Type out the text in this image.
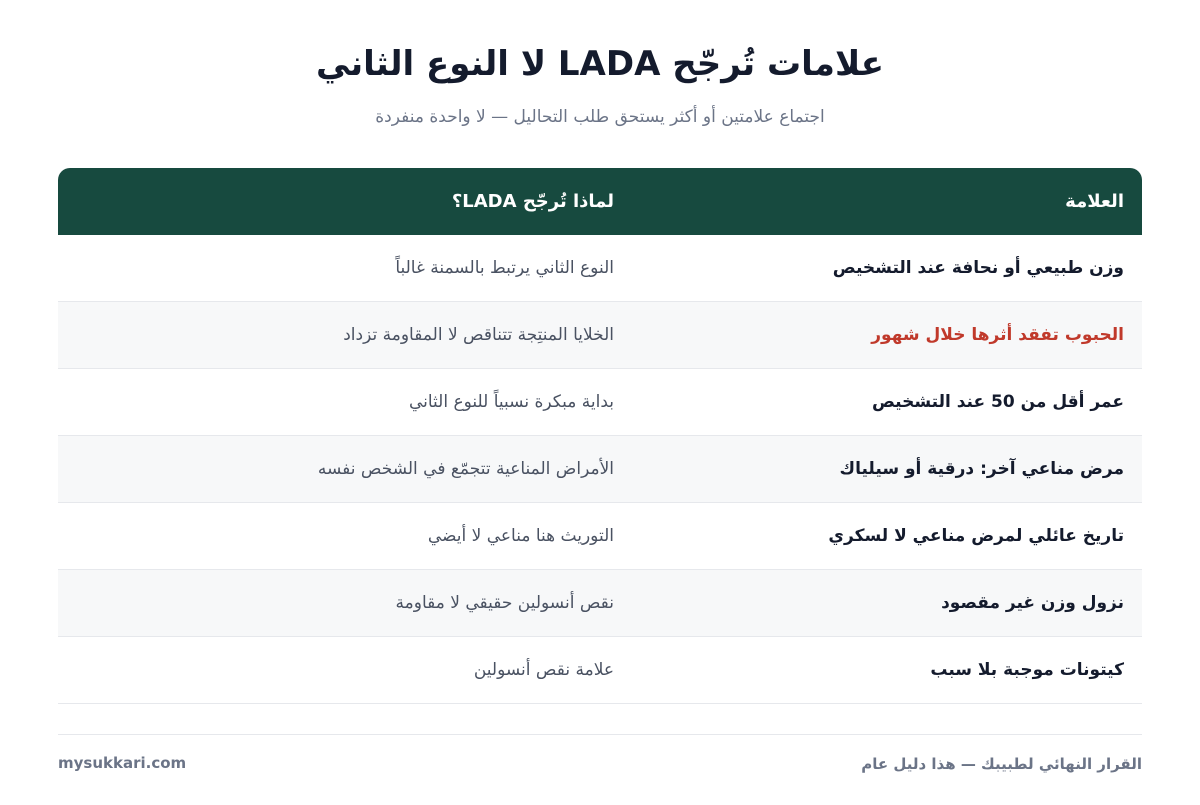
علامات تُرجّح LADA لا النوع الثاني

اجتماع علامتين أو أكثر يستحق طلب التحاليل — لا واحدة منفردة

العلامة
لماذا تُرجّح LADA؟
وزن طبيعي أو نحافة عند التشخيص
النوع الثاني يرتبط بالسمنة غالباً
الحبوب تفقد أثرها خلال شهور
الخلايا المنتِجة تتناقص لا المقاومة تزداد
عمر أقل من 50 عند التشخيص
بداية مبكرة نسبياً للنوع الثاني
مرض مناعي آخر: درقية أو سيلياك
الأمراض المناعية تتجمّع في الشخص نفسه
تاريخ عائلي لمرض مناعي لا لسكري
التوريث هنا مناعي لا أيضي
نزول وزن غير مقصود
نقص أنسولين حقيقي لا مقاومة
كيتونات موجبة بلا سبب
علامة نقص أنسولين
القرار النهائي لطبيبك — هذا دليل عام
mysukkari.com
